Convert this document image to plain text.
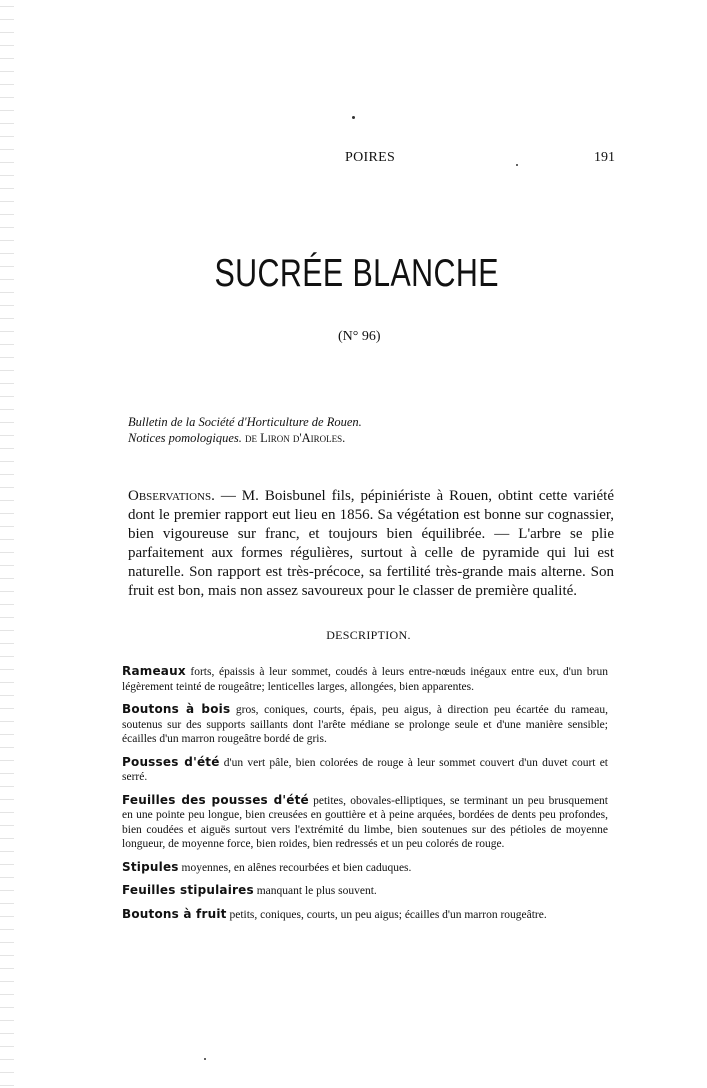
POIRES	191
SUCRÉE BLANCHE
(N° 96)
Bulletin de la Société d'Horticulture de Rouen.
Notices pomologiques. de Liron d'Airoles.
Observations. — M. Boisbunel fils, pépiniériste à Rouen, obtint cette variété dont le premier rapport eut lieu en 1856. Sa végétation est bonne sur cognassier, bien vigoureuse sur franc, et toujours bien équilibrée. — L'arbre se plie parfaitement aux formes régulières, surtout à celle de pyramide qui lui est naturelle. Son rapport est très-précoce, sa fertilité très-grande mais alterne. Son fruit est bon, mais non assez savoureux pour le classer de première qualité.
DESCRIPTION.

Rameaux forts, épaissis à leur sommet, coudés à leurs entre-nœuds inégaux entre eux, d'un brun légèrement teinté de rougeâtre; lenticelles larges, allongées, bien apparentes.

Boutons à bois gros, coniques, courts, épais, peu aigus, à direction peu écartée du rameau, soutenus sur des supports saillants dont l'arête médiane se prolonge seule et d'une manière sensible; écailles d'un marron rougeâtre bordé de gris.

Pousses d'été d'un vert pâle, bien colorées de rouge à leur sommet couvert d'un duvet court et serré.

Feuilles des pousses d'été petites, obovales-elliptiques, se terminant un peu brusquement en une pointe peu longue, bien creusées en gouttière et à peine arquées, bordées de dents peu profondes, bien coudées et aiguës surtout vers l'extrémité du limbe, bien soutenues sur des pétioles de moyenne longueur, de moyenne force, bien roides, bien redressés et un peu colorés de rouge.

Stipules moyennes, en alênes recourbées et bien caduques.

Feuilles stipulaires manquant le plus souvent.

Boutons à fruit petits, coniques, courts, un peu aigus; écailles d'un marron rougeâtre.
